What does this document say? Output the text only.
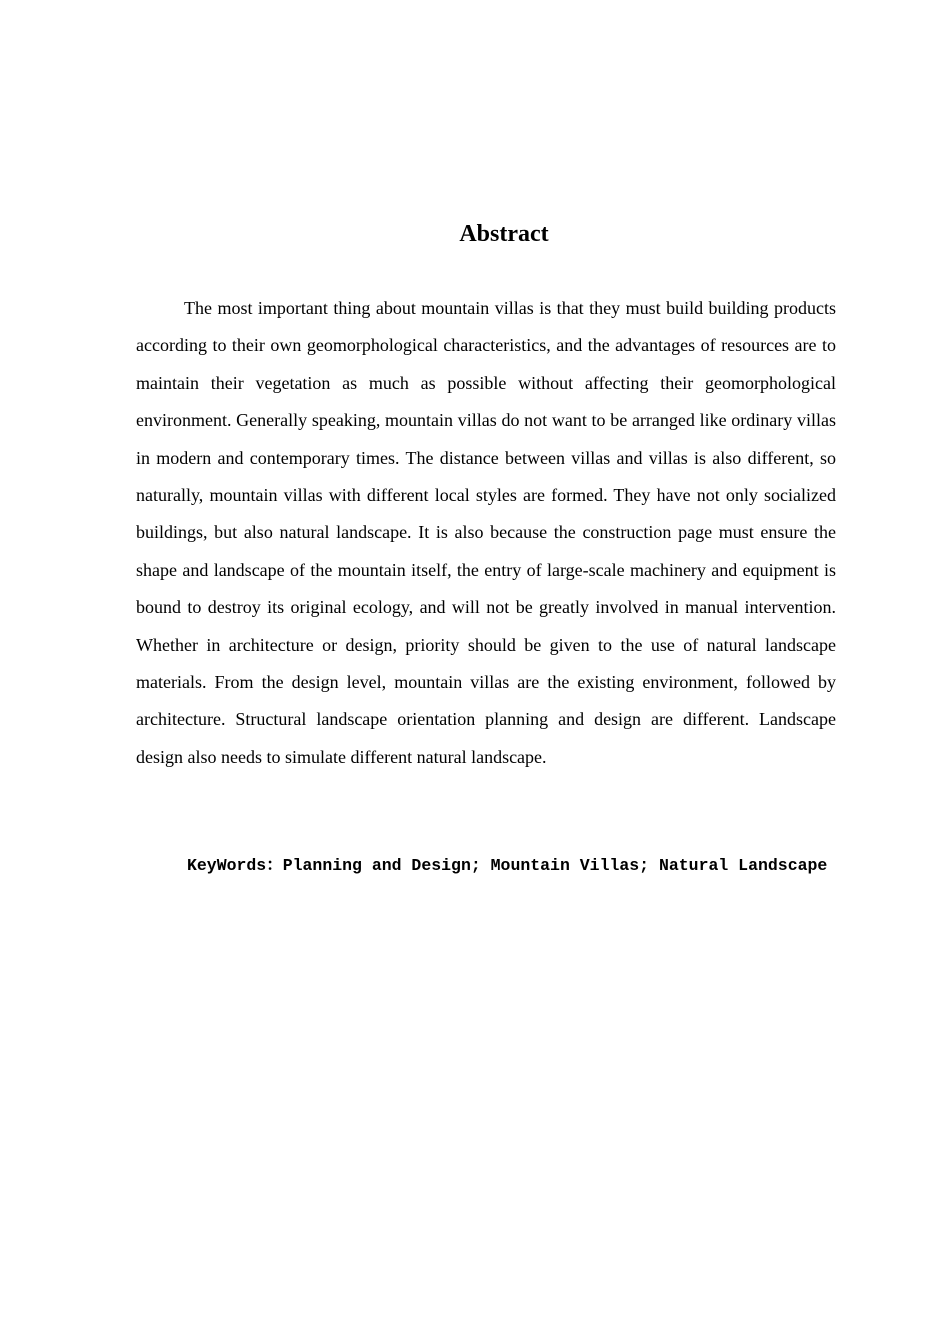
Abstract

The most important thing about mountain villas is that they must build building products according to their own geomorphological characteristics, and the advantages of resources are to maintain their vegetation as much as possible without affecting their geomorphological environment. Generally speaking, mountain villas do not want to be arranged like ordinary villas in modern and contemporary times. The distance between villas and villas is also different, so naturally, mountain villas with different local styles are formed. They have not only socialized buildings, but also natural landscape. It is also because the construction page must ensure the shape and landscape of the mountain itself, the entry of large-scale machinery and equipment is bound to destroy its original ecology, and will not be greatly involved in manual intervention. Whether in architecture or design, priority should be given to the use of natural landscape materials. From the design level, mountain villas are the existing environment, followed by architecture. Structural landscape orientation planning and design are different. Landscape design also needs to simulate different natural landscape.

KeyWords：Planning and Design; Mountain Villas; Natural Landscape
